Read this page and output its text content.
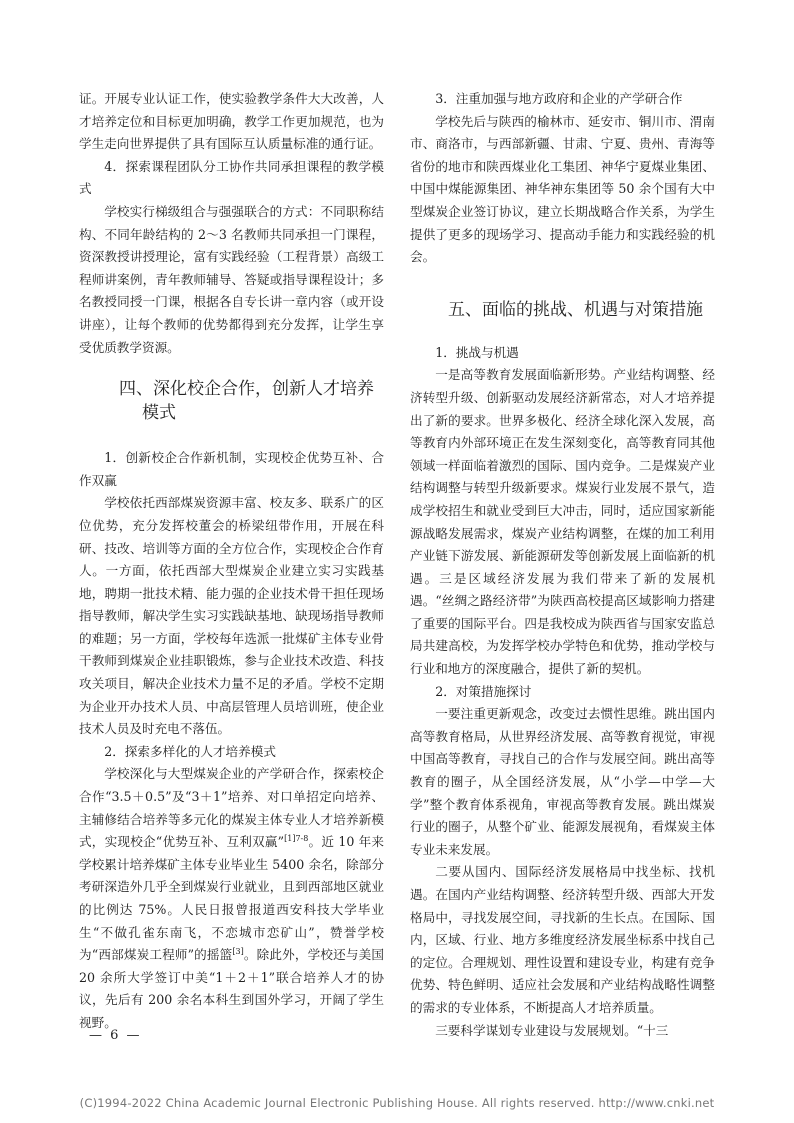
证。开展专业认证工作，使实验教学条件大大改善，人才培养定位和目标更加明确，教学工作更加规范，也为学生走向世界提供了具有国际互认质量标准的通行证。

4．探索课程团队分工协作共同承担课程的教学模式

学校实行梯级组合与强强联合的方式：不同职称结构、不同年龄结构的 2～3 名教师共同承担一门课程，资深教授讲授理论，富有实践经验（工程背景）高级工程师讲案例，青年教师辅导、答疑或指导课程设计；多名教授同授一门课，根据各自专长讲一章内容（或开设讲座），让每个教师的优势都得到充分发挥，让学生享受优质教学资源。

四、深化校企合作，创新人才培养
模式

1．创新校企合作新机制，实现校企优势互补、合作双赢

学校依托西部煤炭资源丰富、校友多、联系广的区位优势，充分发挥校董会的桥梁纽带作用，开展在科研、技改、培训等方面的全方位合作，实现校企合作育人。一方面，依托西部大型煤炭企业建立实习实践基地，聘期一批技术精、能力强的企业技术骨干担任现场指导教师，解决学生实习实践缺基地、缺现场指导教师的难题；另一方面，学校每年选派一批煤矿主体专业骨干教师到煤炭企业挂职锻炼，参与企业技术改造、科技攻关项目，解决企业技术力量不足的矛盾。学校不定期为企业开办技术人员、中高层管理人员培训班，使企业技术人员及时充电不落伍。

2．探索多样化的人才培养模式

学校深化与大型煤炭企业的产学研合作，探索校企合作“3.5＋0.5”及“3＋1”培养、对口单招定向培养、主辅修结合培养等多元化的煤炭主体专业人才培养新模式，实现校企“优势互补、互利双赢”$^{[1]7-8}$。近 10 年来学校累计培养煤矿主体专业毕业生 5400 余名，除部分考研深造外几乎全到煤炭行业就业，且到西部地区就业的比例达 75%。人民日报曾报道西安科技大学毕业生“不做孔雀东南飞，不恋城市恋矿山”，赞誉学校为“西部煤炭工程师”的摇篮[3]。除此外，学校还与美国 20 余所大学签订中美“1＋2＋1”联合培养人才的协议，先后有 200 余名本科生到国外学习，开阔了学生视野。

3．注重加强与地方政府和企业的产学研合作

学校先后与陕西的榆林市、延安市、铜川市、渭南市、商洛市，与西部新疆、甘肃、宁夏、贵州、青海等省份的地市和陕西煤业化工集团、神华宁夏煤业集团、中国中煤能源集团、神华神东集团等 50 余个国有大中型煤炭企业签订协议，建立长期战略合作关系，为学生提供了更多的现场学习、提高动手能力和实践经验的机会。

五、面临的挑战、机遇与对策措施

1．挑战与机遇

一是高等教育发展面临新形势。产业结构调整、经济转型升级、创新驱动发展经济新常态，对人才培养提出了新的要求。世界多极化、经济全球化深入发展，高等教育内外部环境正在发生深刻变化，高等教育同其他领域一样面临着激烈的国际、国内竞争。二是煤炭产业结构调整与转型升级新要求。煤炭行业发展不景气，造成学校招生和就业受到巨大冲击，同时，适应国家新能源战略发展需求，煤炭产业结构调整，在煤的加工利用产业链下游发展、新能源研发等创新发展上面临新的机遇。三是区域经济发展为我们带来了新的发展机遇。“丝绸之路经济带”为陕西高校提高区域影响力搭建了重要的国际平台。四是我校成为陕西省与国家安监总局共建高校，为发挥学校办学特色和优势，推动学校与行业和地方的深度融合，提供了新的契机。

2．对策措施探讨

一要注重更新观念，改变过去惯性思维。跳出国内高等教育格局，从世界经济发展、高等教育视觉，审视中国高等教育，寻找自己的合作与发展空间。跳出高等教育的圈子，从全国经济发展，从“小学—中学—大学”整个教育体系视角，审视高等教育发展。跳出煤炭行业的圈子，从整个矿业、能源发展视角，看煤炭主体专业未来发展。

二要从国内、国际经济发展格局中找坐标、找机遇。在国内产业结构调整、经济转型升级、西部大开发格局中，寻找发展空间，寻找新的生长点。在国际、国内，区域、行业、地方多维度经济发展坐标系中找自己的定位。合理规划、理性设置和建设专业，构建有竞争优势、特色鲜明、适应社会发展和产业结构战略性调整的需求的专业体系，不断提高人才培养质量。

三要科学谋划专业建设与发展规划。“十三

— 6 —
(C)1994-2022 China Academic Journal Electronic Publishing House. All rights reserved. http://www.cnki.net
